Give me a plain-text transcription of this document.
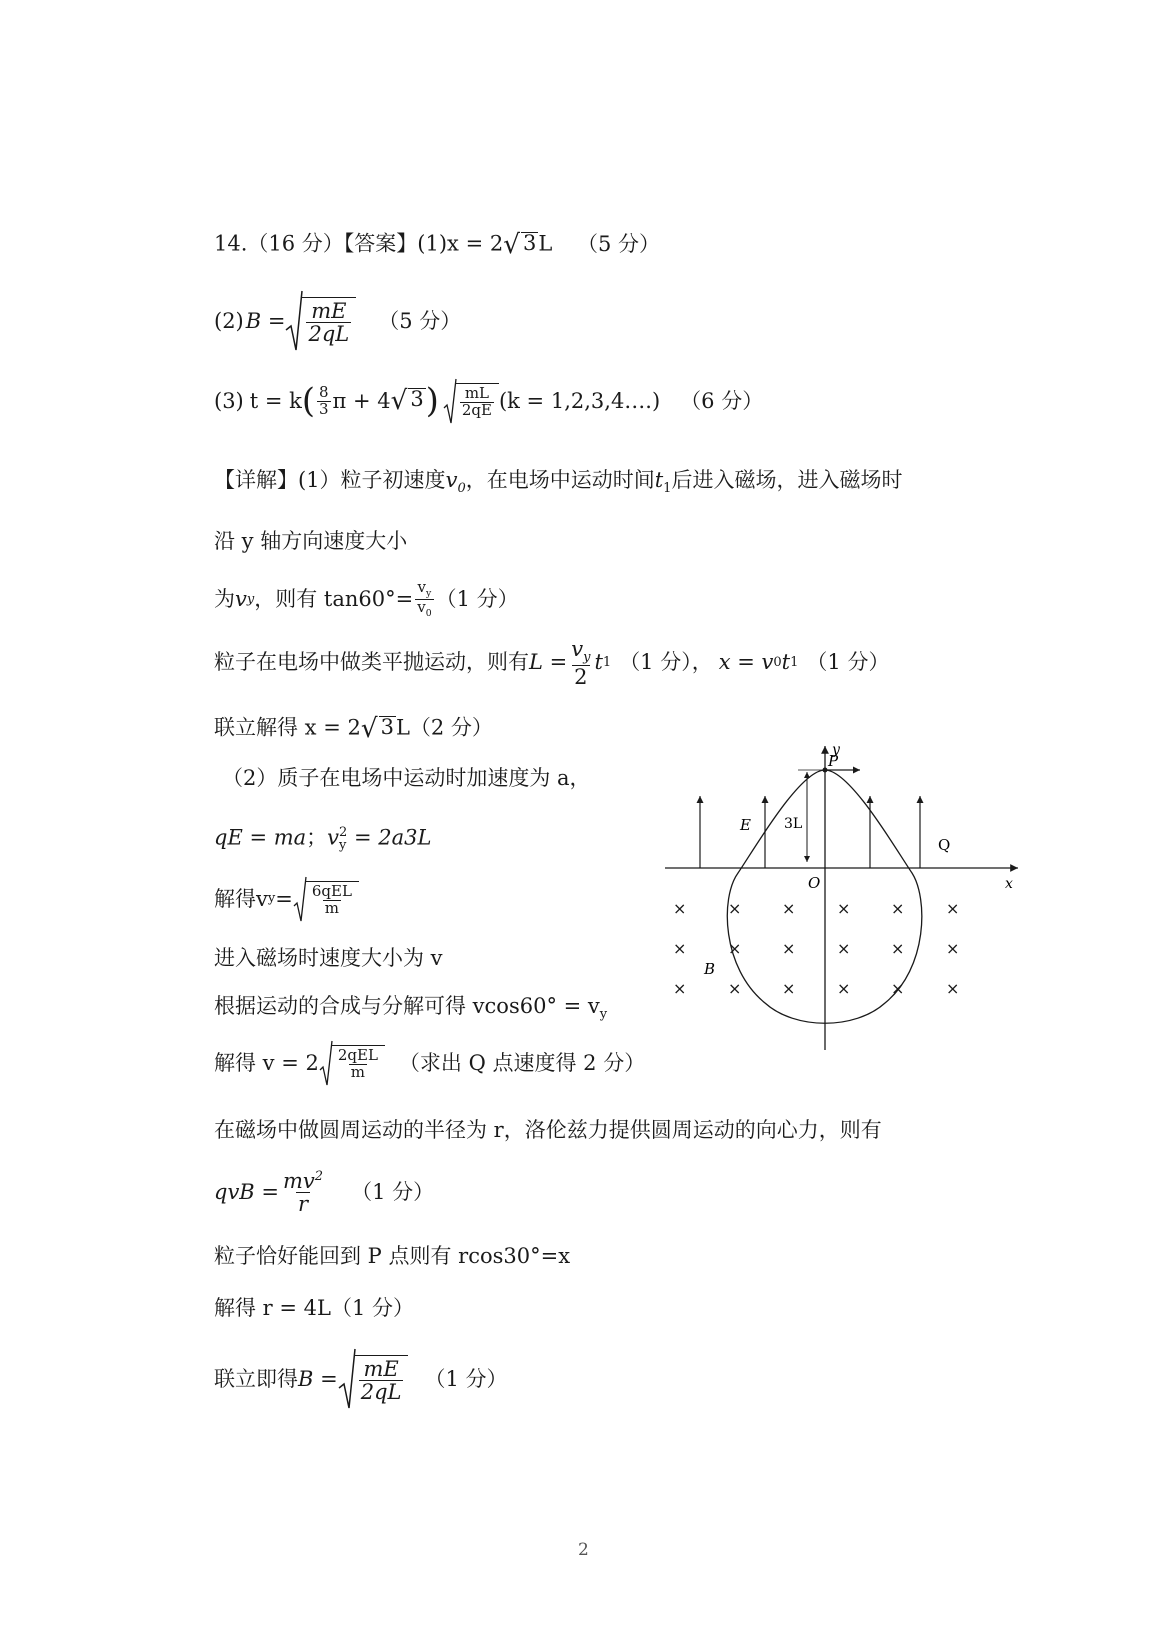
14.（16 分）【答案】(1)x = 2 √ 3 L （5 分）
(2) $B = \frac{mE}{2qL} (5$ 分）
(3) t = k ( $\frac{8}{3}$ π + 4 √ 3 ) $\frac{mL}{2qE} (k$ = 1,2,3,4….) （6 分）
【详解】(1）粒子初速度$v_0$，在电场中运动时间$t_1$后进入磁场，进入磁场时
沿 y 轴方向速度大小
为 v y ，则有 $\tan 60^\circ= \frac{v_y}{v_0} (1$ 分）
粒子在电场中做类平抛运动，则有 $L = \frac{v_y}{2}$ t 1 （1 分）， x = v 0 t 1 （1 分）
联立解得 x = 2 √ 3 L（2 分）
（2）质子在电场中运动时加速度为 a，
qE = ma；v 2
y = 2a3L
解得 v $y = \frac{\text{6qEL}}{m}$
进入磁场时速度大小为 v
根据运动的合成与分解可得 $vcos60^\circ = v_y$
解得 $v = 2 \frac{\text{2qEL}}{m}$ （求出 Q 点速度得 2 分）
在磁场中做圆周运动的半径为 r，洛伦兹力提供圆周运动的向心力，则有
qvB = $\frac{mv^2}{r} (1$ 分）
粒子恰好能回到 P 点则有 rcos30°=x
解得 r = 4L（1 分）
联立即得 $B = \frac{mE}{2qL} (1$ 分）
y
x
P
E 3L
O
Q
B
×	×	×	×	×	×
×	×	×	×	×	×
×	×	×	×	×	×
2
